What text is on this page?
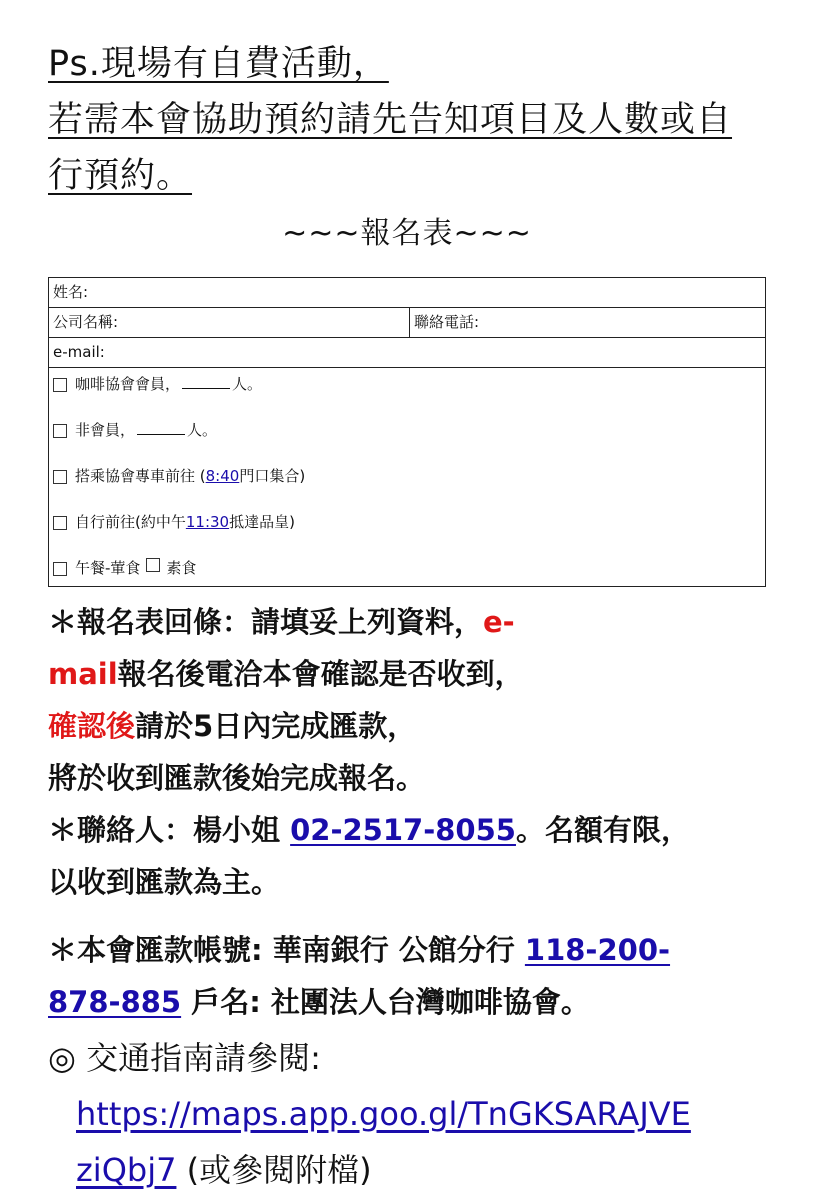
Ps.現場有自費活動，
若需本會協助預約請先告知項目及人數或自
行預約。
~~~報名表~~~
姓名:
公司名稱:	聯絡電話:
e-mail:

咖啡協會會員，	人。
非會員，	人。
搭乘協會專車前往 ( 8:40 門口集合)
自行前往(約中午 11:30 抵達品皇)
午餐-葷食 素食

＊報名表回條：請填妥上列資料，e-

mail報名後電洽本會確認是否收到，

確認後請於5日內完成匯款，

將於收到匯款後始完成報名。

＊聯絡人：楊小姐 02-2517-8055。名額有限，

以收到匯款為主。

＊本會匯款帳號: 華南銀行 公館分行 118-200-

878-885 戶名: 社團法人台灣咖啡協會。

◎ 交通指南請參閱:
https://maps.app.goo.gl/TnGKSARAJVE
ziQbj7 (或參閱附檔)
